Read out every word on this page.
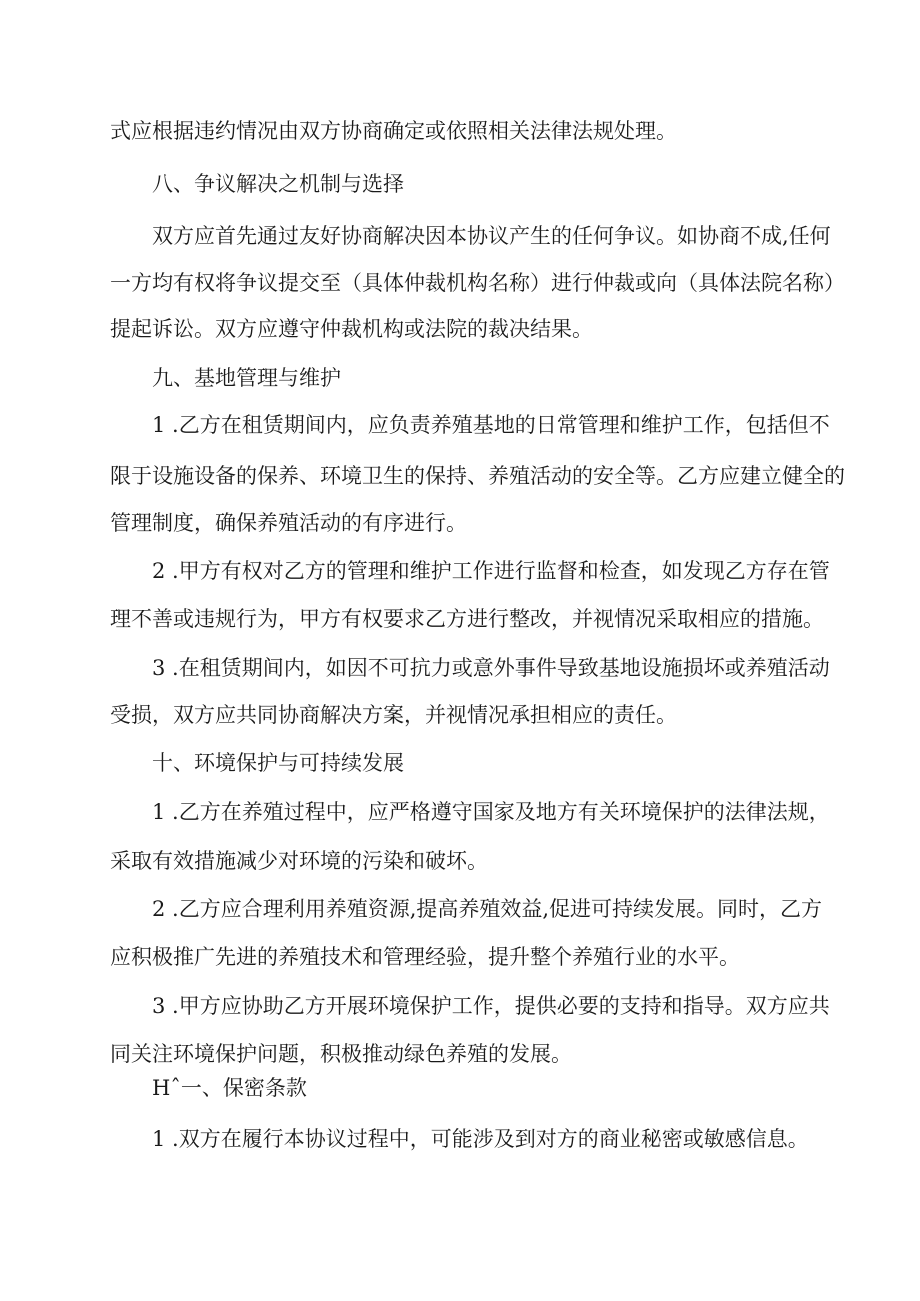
式应根据违约情况由双方协商确定或依照相关法律法规处理。
八、争议解决之机制与选择
双方应首先通过友好协商解决因本协议产生的任何争议。如协商不成,任何
一方均有权将争议提交至（具体仲裁机构名称）进行仲裁或向（具体法院名称）
提起诉讼。双方应遵守仲裁机构或法院的裁决结果。
九、基地管理与维护
1 .乙方在租赁期间内，应负责养殖基地的日常管理和维护工作，包括但不
限于设施设备的保养、环境卫生的保持、养殖活动的安全等。乙方应建立健全的
管理制度，确保养殖活动的有序进行。
2 .甲方有权对乙方的管理和维护工作进行监督和检查，如发现乙方存在管
理不善或违规行为，甲方有权要求乙方进行整改，并视情况采取相应的措施。
3 .在租赁期间内，如因不可抗力或意外事件导致基地设施损坏或养殖活动
受损，双方应共同协商解决方案，并视情况承担相应的责任。
十、环境保护与可持续发展
1 .乙方在养殖过程中，应严格遵守国家及地方有关环境保护的法律法规，
采取有效措施减少对环境的污染和破坏。
2 .乙方应合理利用养殖资源,提高养殖效益,促进可持续发展。同时，乙方
应积极推广先进的养殖技术和管理经验，提升整个养殖行业的水平。
3 .甲方应协助乙方开展环境保护工作，提供必要的支持和指导。双方应共
同关注环境保护问题，积极推动绿色养殖的发展。
Hˆ一、保密条款
1 .双方在履行本协议过程中，可能涉及到对方的商业秘密或敏感信息。
